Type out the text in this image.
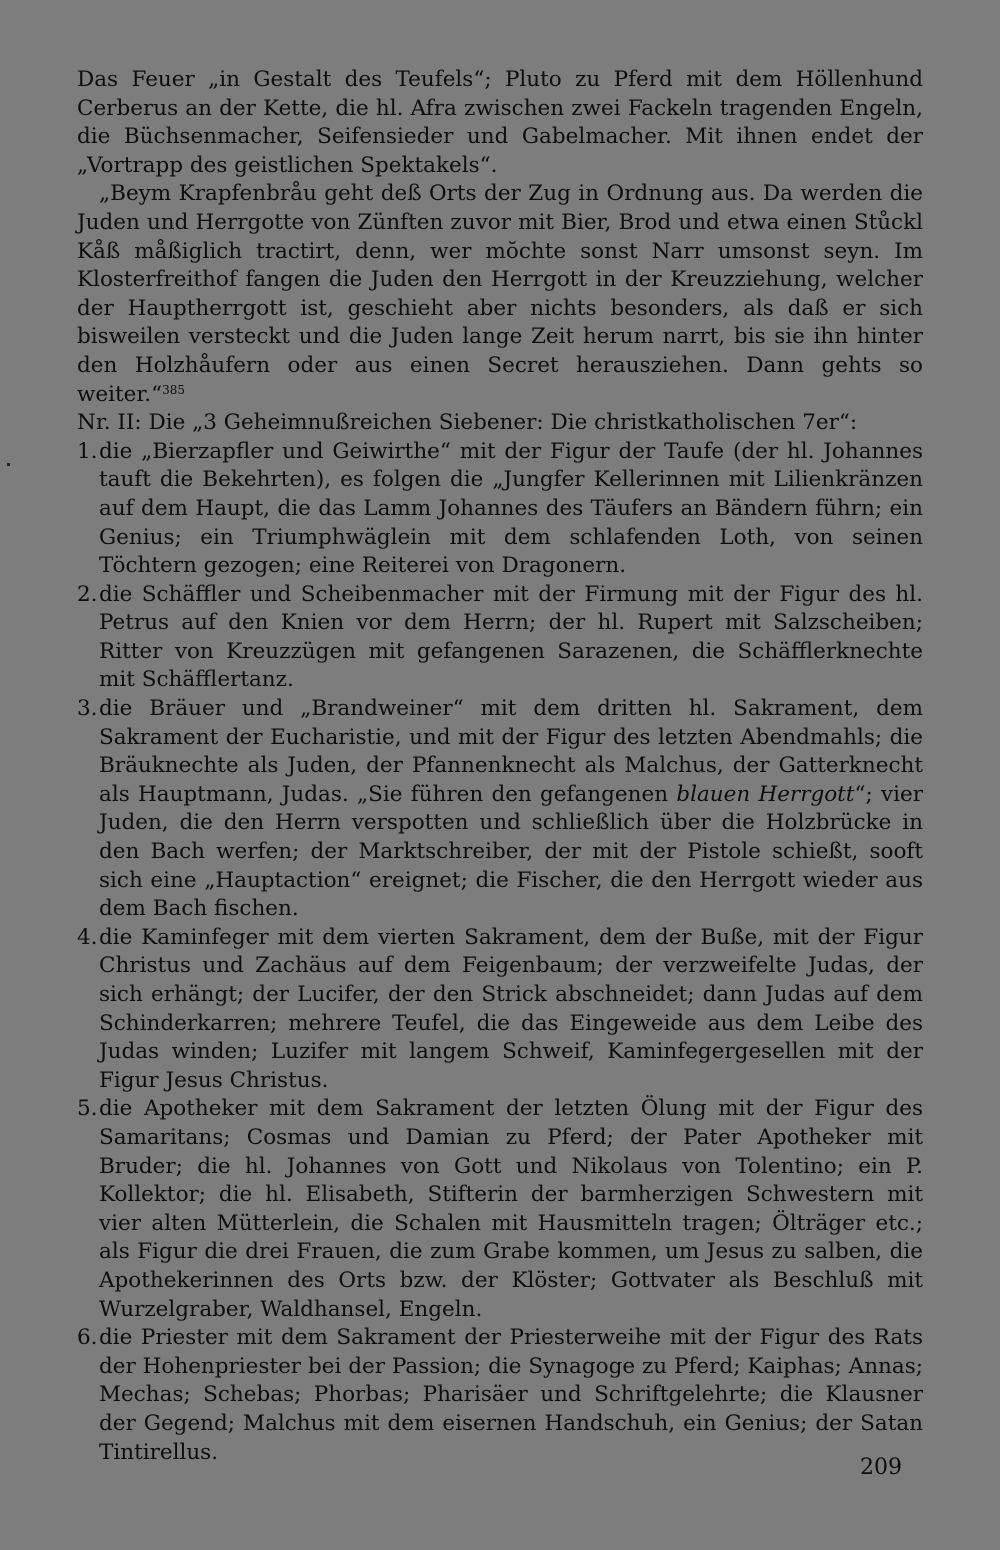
Das Feuer „in Gestalt des Teufels“; Pluto zu Pferd mit dem Höllenhund Cerberus an der Kette, die hl. Afra zwischen zwei Fackeln tragenden Engeln, die Büchsenmacher, Seifensieder und Gabelmacher. Mit ihnen endet der „Vortrapp des geistlichen Spektakels“.

„Beym Krapfenbråu geht deß Orts der Zug in Ordnung aus. Da werden die Juden und Herrgotte von Zünften zuvor mit Bier, Brod und etwa einen Stůckl Kåß måßiglich tractirt, denn, wer mŏchte sonst Narr umsonst seyn. Im Klosterfreithof fangen die Juden den Herrgott in der Kreuzziehung, welcher der Hauptherrgott ist, geschieht aber nichts besonders, als daß er sich bisweilen versteckt und die Juden lange Zeit herum narrt, bis sie ihn hinter den Holzhåufern oder aus einen Secret herausziehen. Dann gehts so weiter.“$^{385}$

Nr. II: Die „3 Geheimnußreichen Siebener: Die christkatholischen 7er“:

1. die „Bierzapfler und Geiwirthe“ mit der Figur der Taufe (der hl. Johannes tauft die Bekehrten), es folgen die „Jungfer Kellerinnen mit Lilienkränzen auf dem Haupt, die das Lamm Johannes des Täufers an Bändern führn; ein Genius; ein Triumphwäglein mit dem schlafenden Loth, von seinen Töchtern gezogen; eine Reiterei von Dragonern.
2. die Schäffler und Scheibenmacher mit der Firmung mit der Figur des hl. Petrus auf den Knien vor dem Herrn; der hl. Rupert mit Salzscheiben; Ritter von Kreuzzügen mit gefangenen Sarazenen, die Schäfflerknechte mit Schäfflertanz.
3. die Bräuer und „Brandweiner“ mit dem dritten hl. Sakrament, dem Sakrament der Eucharistie, und mit der Figur des letzten Abendmahls; die Bräuknechte als Juden, der Pfannenknecht als Malchus, der Gatterknecht als Hauptmann, Judas. „Sie führen den gefangenen blauen Herrgott“; vier Juden, die den Herrn verspotten und schließlich über die Holzbrücke in den Bach werfen; der Marktschreiber, der mit der Pistole schießt, sooft sich eine „Hauptaction“ ereignet; die Fischer, die den Herrgott wieder aus dem Bach fischen.
4. die Kaminfeger mit dem vierten Sakrament, dem der Buße, mit der Figur Christus und Zachäus auf dem Feigenbaum; der verzweifelte Judas, der sich erhängt; der Lucifer, der den Strick abschneidet; dann Judas auf dem Schinderkarren; mehrere Teufel, die das Eingeweide aus dem Leibe des Judas winden; Luzifer mit langem Schweif, Kaminfegergesellen mit der Figur Jesus Christus.
5. die Apotheker mit dem Sakrament der letzten Ölung mit der Figur des Samaritans; Cosmas und Damian zu Pferd; der Pater Apotheker mit Bruder; die hl. Johannes von Gott und Nikolaus von Tolentino; ein P. Kollektor; die hl. Elisabeth, Stifterin der barmherzigen Schwestern mit vier alten Mütterlein, die Schalen mit Hausmitteln tragen; Ölträger etc.; als Figur die drei Frauen, die zum Grabe kommen, um Jesus zu salben, die Apothekerinnen des Orts bzw. der Klöster; Gottvater als Beschluß mit Wurzelgraber, Waldhansel, Engeln.
6. die Priester mit dem Sakrament der Priesterweihe mit der Figur des Rats der Hohenpriester bei der Passion; die Synagoge zu Pferd; Kaiphas; Annas; Mechas; Schebas; Phorbas; Pharisäer und Schriftgelehrte; die Klausner der Gegend; Malchus mit dem eisernen Handschuh, ein Genius; der Satan Tintirellus.
209
